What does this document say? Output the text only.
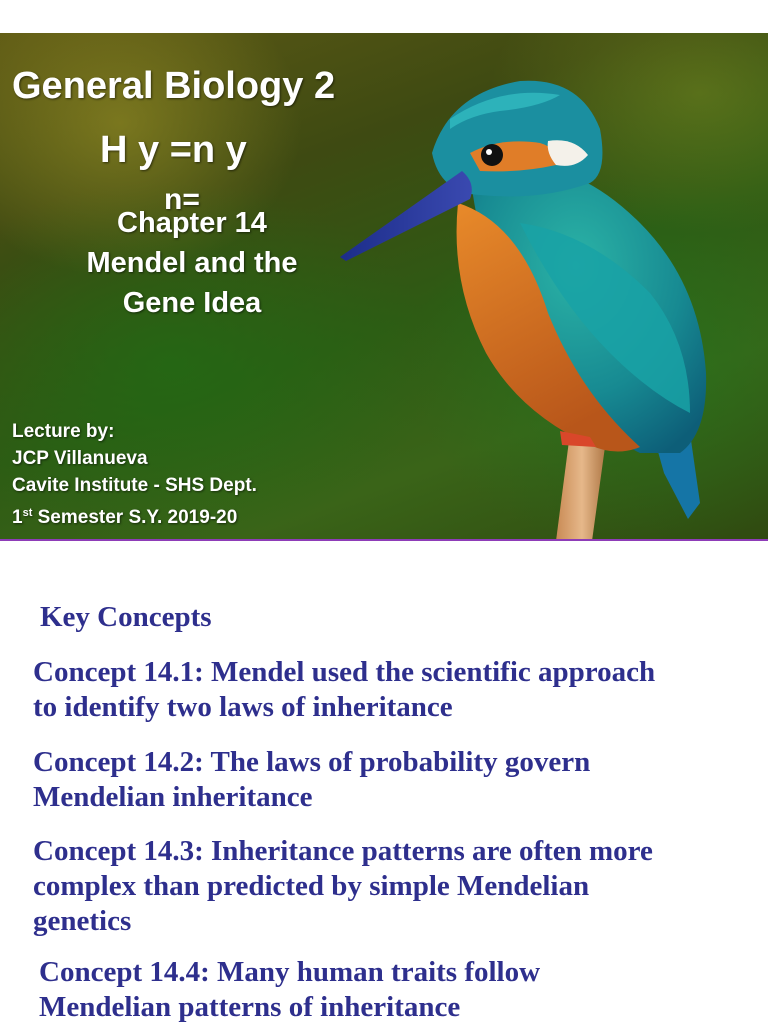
General Biology 2
H y =n y
n=
Chapter 14
Mendel and the
Gene Idea
Lecture by:
JCP Villanueva
Cavite Institute - SHS Dept.
1st Semester S.Y. 2019-20
Key Concepts
Concept 14.1: Mendel used the scientific approach
to identify two laws of inheritance
Concept 14.2: The laws of probability govern
Mendelian inheritance
Concept 14.3: Inheritance patterns are often more
complex than predicted by simple Mendelian
genetics
Concept 14.4: Many human traits follow
Mendelian patterns of inheritance
